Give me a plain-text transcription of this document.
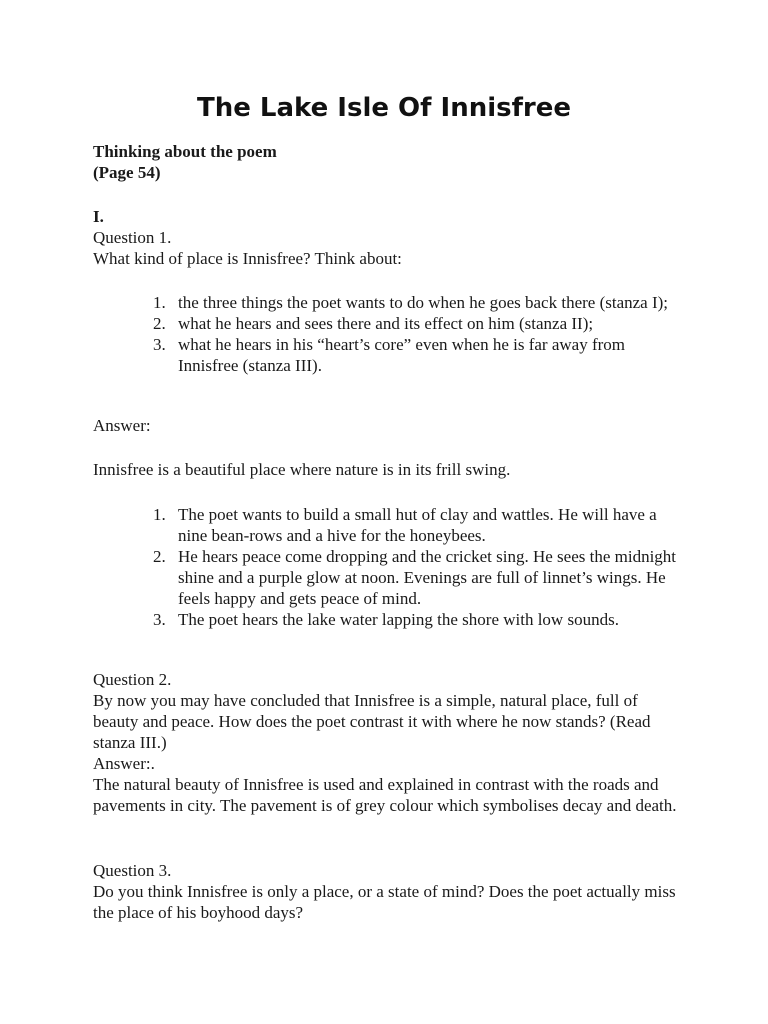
The Lake Isle Of Innisfree

Thinking about the poem

(Page 54)

I.

Question 1.

What kind of place is Innisfree? Think about:

1. the three things the poet wants to do when he goes back there (stanza I);
2. what he hears and sees there and its effect on him (stanza II);
3. what he hears in his “heart’s core” even when he is far away from Innisfree (stanza III).

Answer:

Innisfree is a beautiful place where nature is in its frill swing.

1. The poet wants to build a small hut of clay and wattles. He will have a nine bean-rows and a hive for the honeybees.
2. He hears peace come dropping and the cricket sing. He sees the midnight shine and a purple glow at noon. Evenings are full of linnet’s wings. He feels happy and gets peace of mind.
3. The poet hears the lake water lapping the shore with low sounds.

Question 2.

By now you may have concluded that Innisfree is a simple, natural place, full of beauty and peace. How does the poet contrast it with where he now stands? (Read stanza III.)

Answer:.

The natural beauty of Innisfree is used and explained in contrast with the roads and pavements in city. The pavement is of grey colour which symbolises decay and death.

Question 3.

Do you think Innisfree is only a place, or a state of mind? Does the poet actually miss the place of his boyhood days?
